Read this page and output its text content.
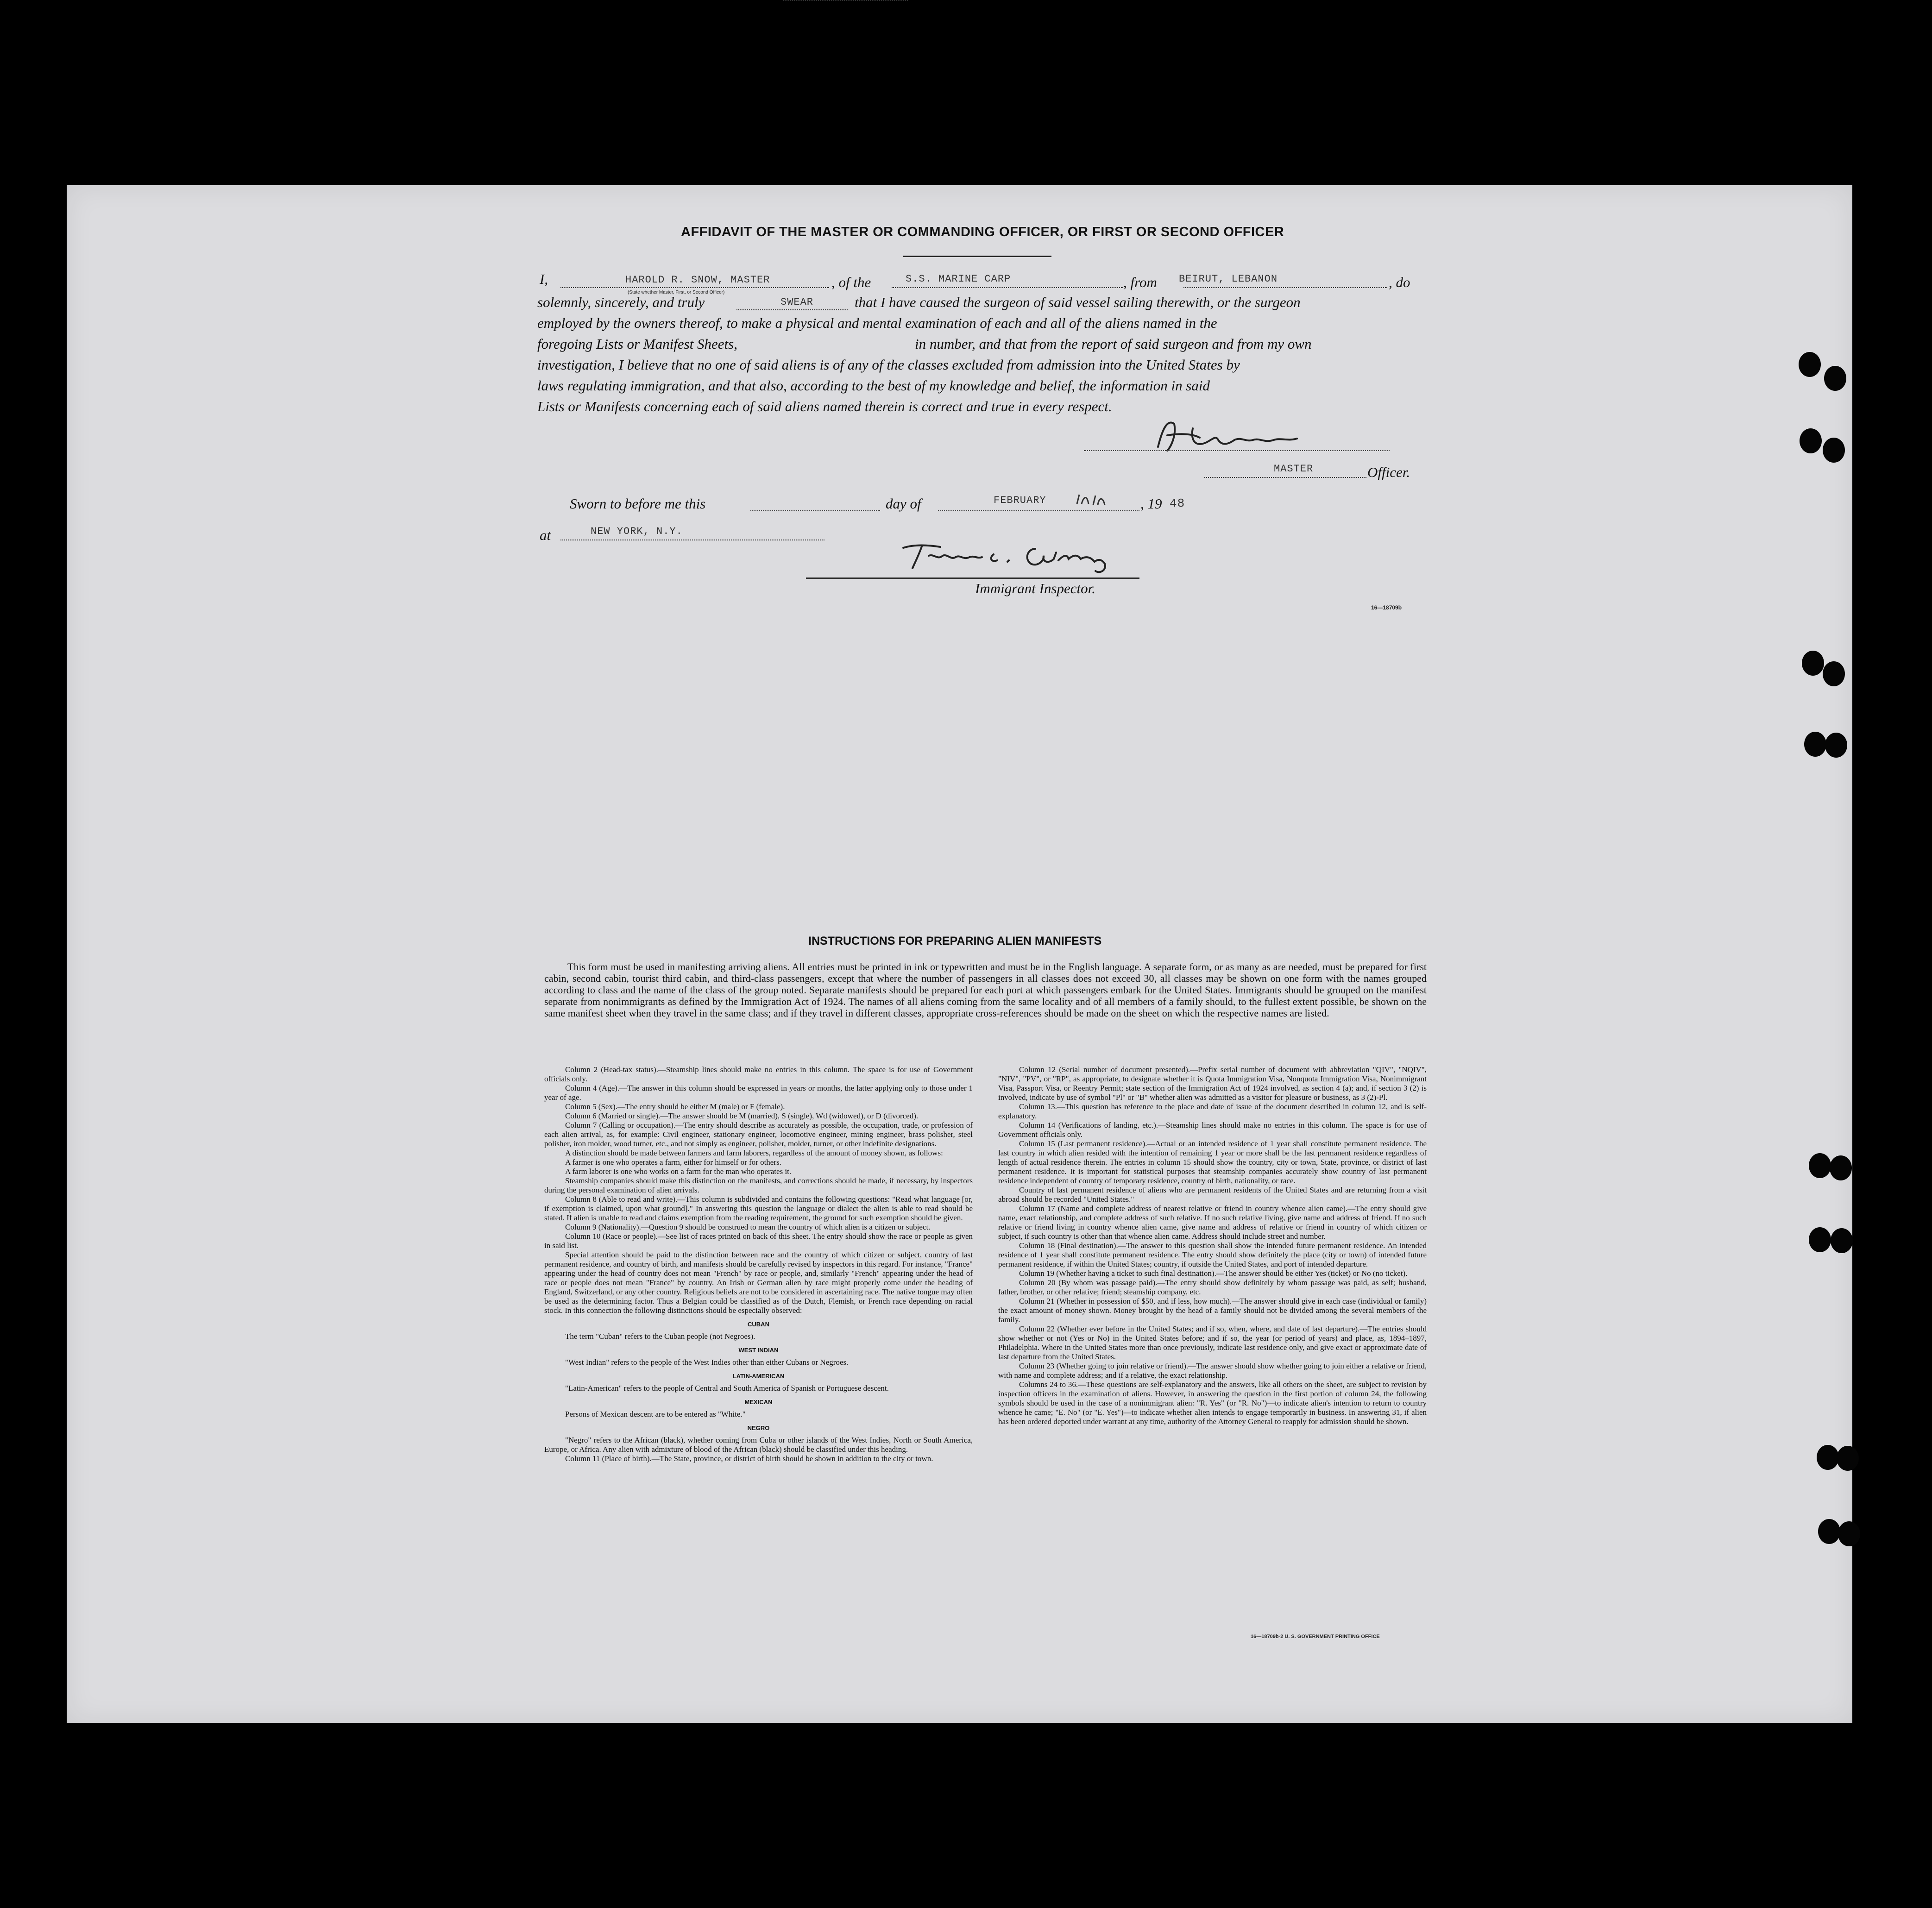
AFFIDAVIT OF THE MASTER OR COMMANDING OFFICER, OR FIRST OR SECOND OFFICER
I,	HAROLD R. SNOW, MASTER
(State whether Master, First, or Second Officer)
, of the	S.S. MARINE CARP	, from BEIRUT, LEBANON	, do
solemnly, sincerely, and truly	SWEAR	that I have caused the surgeon of said vessel sailing therewith, or the surgeon
employed by the owners thereof, to make a physical and mental examination of each and all of the aliens named in the
foregoing Lists or Manifest Sheets,	in number, and that from the report of said surgeon and from my own
investigation, I believe that no one of said aliens is of any of the classes excluded from admission into the United States by
laws regulating immigration, and that also, according to the best of my knowledge and belief, the information in said
Lists or Manifests concerning each of said aliens named therein is correct and true in every respect.
MASTER	Officer.
Sworn to before me this	day of	FEBRUARY	, 19 48
at	NEW YORK, N.Y.
Immigrant Inspector.
16—18709b
INSTRUCTIONS FOR PREPARING ALIEN MANIFESTS
This form must be used in manifesting arriving aliens. All entries must be printed in ink or typewritten and must be in the English language. A separate form, or as many as are needed, must be prepared for first cabin, second cabin, tourist third cabin, and third-class passengers, except that where the number of passengers in all classes does not exceed 30, all classes may be shown on one form with the names grouped according to class and the name of the class of the group noted. Separate manifests should be prepared for each port at which passengers embark for the United States. Immigrants should be grouped on the manifest separate from nonimmigrants as defined by the Immigration Act of 1924. The names of all aliens coming from the same locality and of all members of a family should, to the fullest extent possible, be shown on the same manifest sheet when they travel in the same class; and if they travel in different classes, appropriate cross-references should be made on the sheet on which the respective names are listed.

Column 2 (Head-tax status).—Steamship lines should make no entries in this column. The space is for use of Government officials only.

Column 4 (Age).—The answer in this column should be expressed in years or months, the latter applying only to those under 1 year of age.

Column 5 (Sex).—The entry should be either M (male) or F (female).

Column 6 (Married or single).—The answer should be M (married), S (single), Wd (widowed), or D (divorced).

Column 7 (Calling or occupation).—The entry should describe as accurately as possible, the occupation, trade, or profession of each alien arrival, as, for example: Civil engineer, stationary engineer, locomotive engineer, mining engineer, brass polisher, steel polisher, iron molder, wood turner, etc., and not simply as engineer, polisher, molder, turner, or other indefinite designations.

A distinction should be made between farmers and farm laborers, regardless of the amount of money shown, as follows:

A farmer is one who operates a farm, either for himself or for others.

A farm laborer is one who works on a farm for the man who operates it.

Steamship companies should make this distinction on the manifests, and corrections should be made, if necessary, by inspectors during the personal examination of alien arrivals.

Column 8 (Able to read and write).—This column is subdivided and contains the following questions: "Read what language [or, if exemption is claimed, upon what ground]." In answering this question the language or dialect the alien is able to read should be stated. If alien is unable to read and claims exemption from the reading requirement, the ground for such exemption should be given.

Column 9 (Nationality).—Question 9 should be construed to mean the country of which alien is a citizen or subject.

Column 10 (Race or people).—See list of races printed on back of this sheet. The entry should show the race or people as given in said list.

Special attention should be paid to the distinction between race and the country of which citizen or subject, country of last permanent residence, and country of birth, and manifests should be carefully revised by inspectors in this regard. For instance, "France" appearing under the head of country does not mean "French" by race or people, and, similarly "French" appearing under the head of race or people does not mean "France" by country. An Irish or German alien by race might properly come under the heading of England, Switzerland, or any other country. Religious beliefs are not to be considered in ascertaining race. The native tongue may often be used as the determining factor. Thus a Belgian could be classified as of the Dutch, Flemish, or French race depending on racial stock. In this connection the following distinctions should be especially observed:

CUBAN

The term "Cuban" refers to the Cuban people (not Negroes).

WEST INDIAN

"West Indian" refers to the people of the West Indies other than either Cubans or Negroes.

LATIN-AMERICAN

"Latin-American" refers to the people of Central and South America of Spanish or Portuguese descent.

MEXICAN

Persons of Mexican descent are to be entered as "White."

NEGRO

"Negro" refers to the African (black), whether coming from Cuba or other islands of the West Indies, North or South America, Europe, or Africa. Any alien with admixture of blood of the African (black) should be classified under this heading.

Column 11 (Place of birth).—The State, province, or district of birth should be shown in addition to the city or town.

Column 12 (Serial number of document presented).—Prefix serial number of document with abbreviation "QIV", "NQIV", "NIV", "PV", or "RP", as appropriate, to designate whether it is Quota Immigration Visa, Nonquota Immigration Visa, Nonimmigrant Visa, Passport Visa, or Reentry Permit; state section of the Immigration Act of 1924 involved, as section 4 (a); and, if section 3 (2) is involved, indicate by use of symbol "Pl" or "B" whether alien was admitted as a visitor for pleasure or business, as 3 (2)-Pl.

Column 13.—This question has reference to the place and date of issue of the document described in column 12, and is self-explanatory.

Column 14 (Verifications of landing, etc.).—Steamship lines should make no entries in this column. The space is for use of Government officials only.

Column 15 (Last permanent residence).—Actual or an intended residence of 1 year shall constitute permanent residence. The last country in which alien resided with the intention of remaining 1 year or more shall be the last permanent residence regardless of length of actual residence therein. The entries in column 15 should show the country, city or town, State, province, or district of last permanent residence. It is important for statistical purposes that steamship companies accurately show country of last permanent residence independent of country of temporary residence, country of birth, nationality, or race.

Country of last permanent residence of aliens who are permanent residents of the United States and are returning from a visit abroad should be recorded "United States."

Column 17 (Name and complete address of nearest relative or friend in country whence alien came).—The entry should give name, exact relationship, and complete address of such relative. If no such relative living, give name and address of friend. If no such relative or friend living in country whence alien came, give name and address of relative or friend in country of which citizen or subject, if such country is other than that whence alien came. Address should include street and number.

Column 18 (Final destination).—The answer to this question shall show the intended future permanent residence. An intended residence of 1 year shall constitute permanent residence. The entry should show definitely the place (city or town) of intended future permanent residence, if within the United States; country, if outside the United States, and port of intended departure.

Column 19 (Whether having a ticket to such final destination).—The answer should be either Yes (ticket) or No (no ticket).

Column 20 (By whom was passage paid).—The entry should show definitely by whom passage was paid, as self; husband, father, brother, or other relative; friend; steamship company, etc.

Column 21 (Whether in possession of $50, and if less, how much).—The answer should give in each case (individual or family) the exact amount of money shown. Money brought by the head of a family should not be divided among the several members of the family.

Column 22 (Whether ever before in the United States; and if so, when, where, and date of last departure).—The entries should show whether or not (Yes or No) in the United States before; and if so, the year (or period of years) and place, as, 1894–1897, Philadelphia. Where in the United States more than once previously, indicate last residence only, and give exact or approximate date of last departure from the United States.

Column 23 (Whether going to join relative or friend).—The answer should show whether going to join either a relative or friend, with name and complete address; and if a relative, the exact relationship.

Columns 24 to 36.—These questions are self-explanatory and the answers, like all others on the sheet, are subject to revision by inspection officers in the examination of aliens. However, in answering the question in the first portion of column 24, the following symbols should be used in the case of a nonimmigrant alien: "R. Yes" (or "R. No")—to indicate alien's intention to return to country whence he came; "E. No" (or "E. Yes")—to indicate whether alien intends to engage temporarily in business. In answering 31, if alien has been ordered deported under warrant at any time, authority of the Attorney General to reapply for admission should be shown.

16—18709b-2 U. S. GOVERNMENT PRINTING OFFICE
